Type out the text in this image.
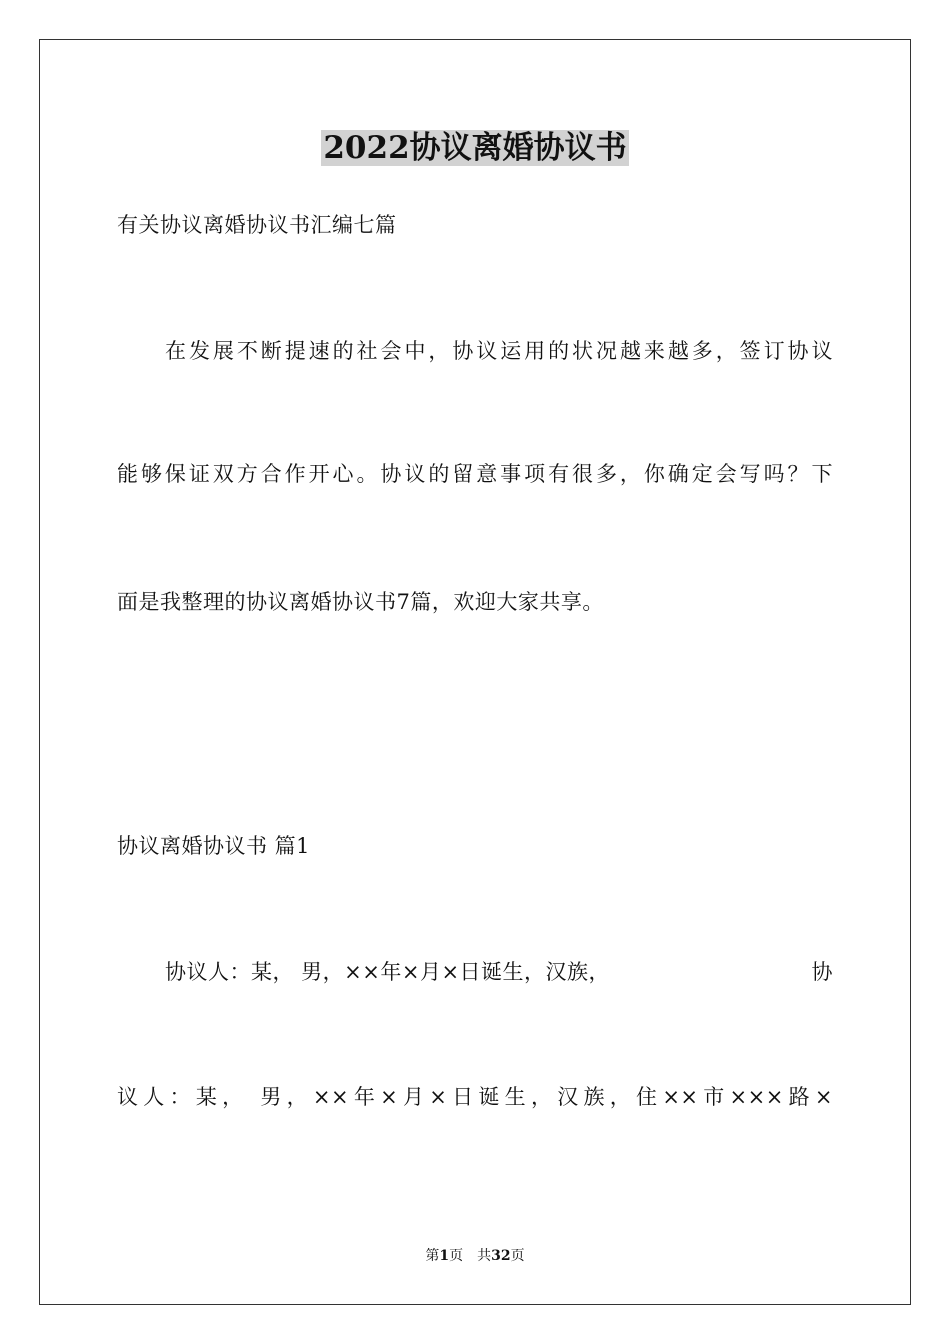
2022协议离婚协议书
有关协议离婚协议书汇编七篇
在发展不断提速的社会中，协议运用的状况越来越多，签订协议
能够保证双方合作开心。协议的留意事项有很多，你确定会写吗？下
面是我整理的协议离婚协议书7篇，欢迎大家共享。
协议离婚协议书 篇1
协议人：某， 男，××年×月×日诞生，汉族，	协
议人：某， 男，××年×月×日诞生，汉族，住××市×××路×
第1页 共32页
